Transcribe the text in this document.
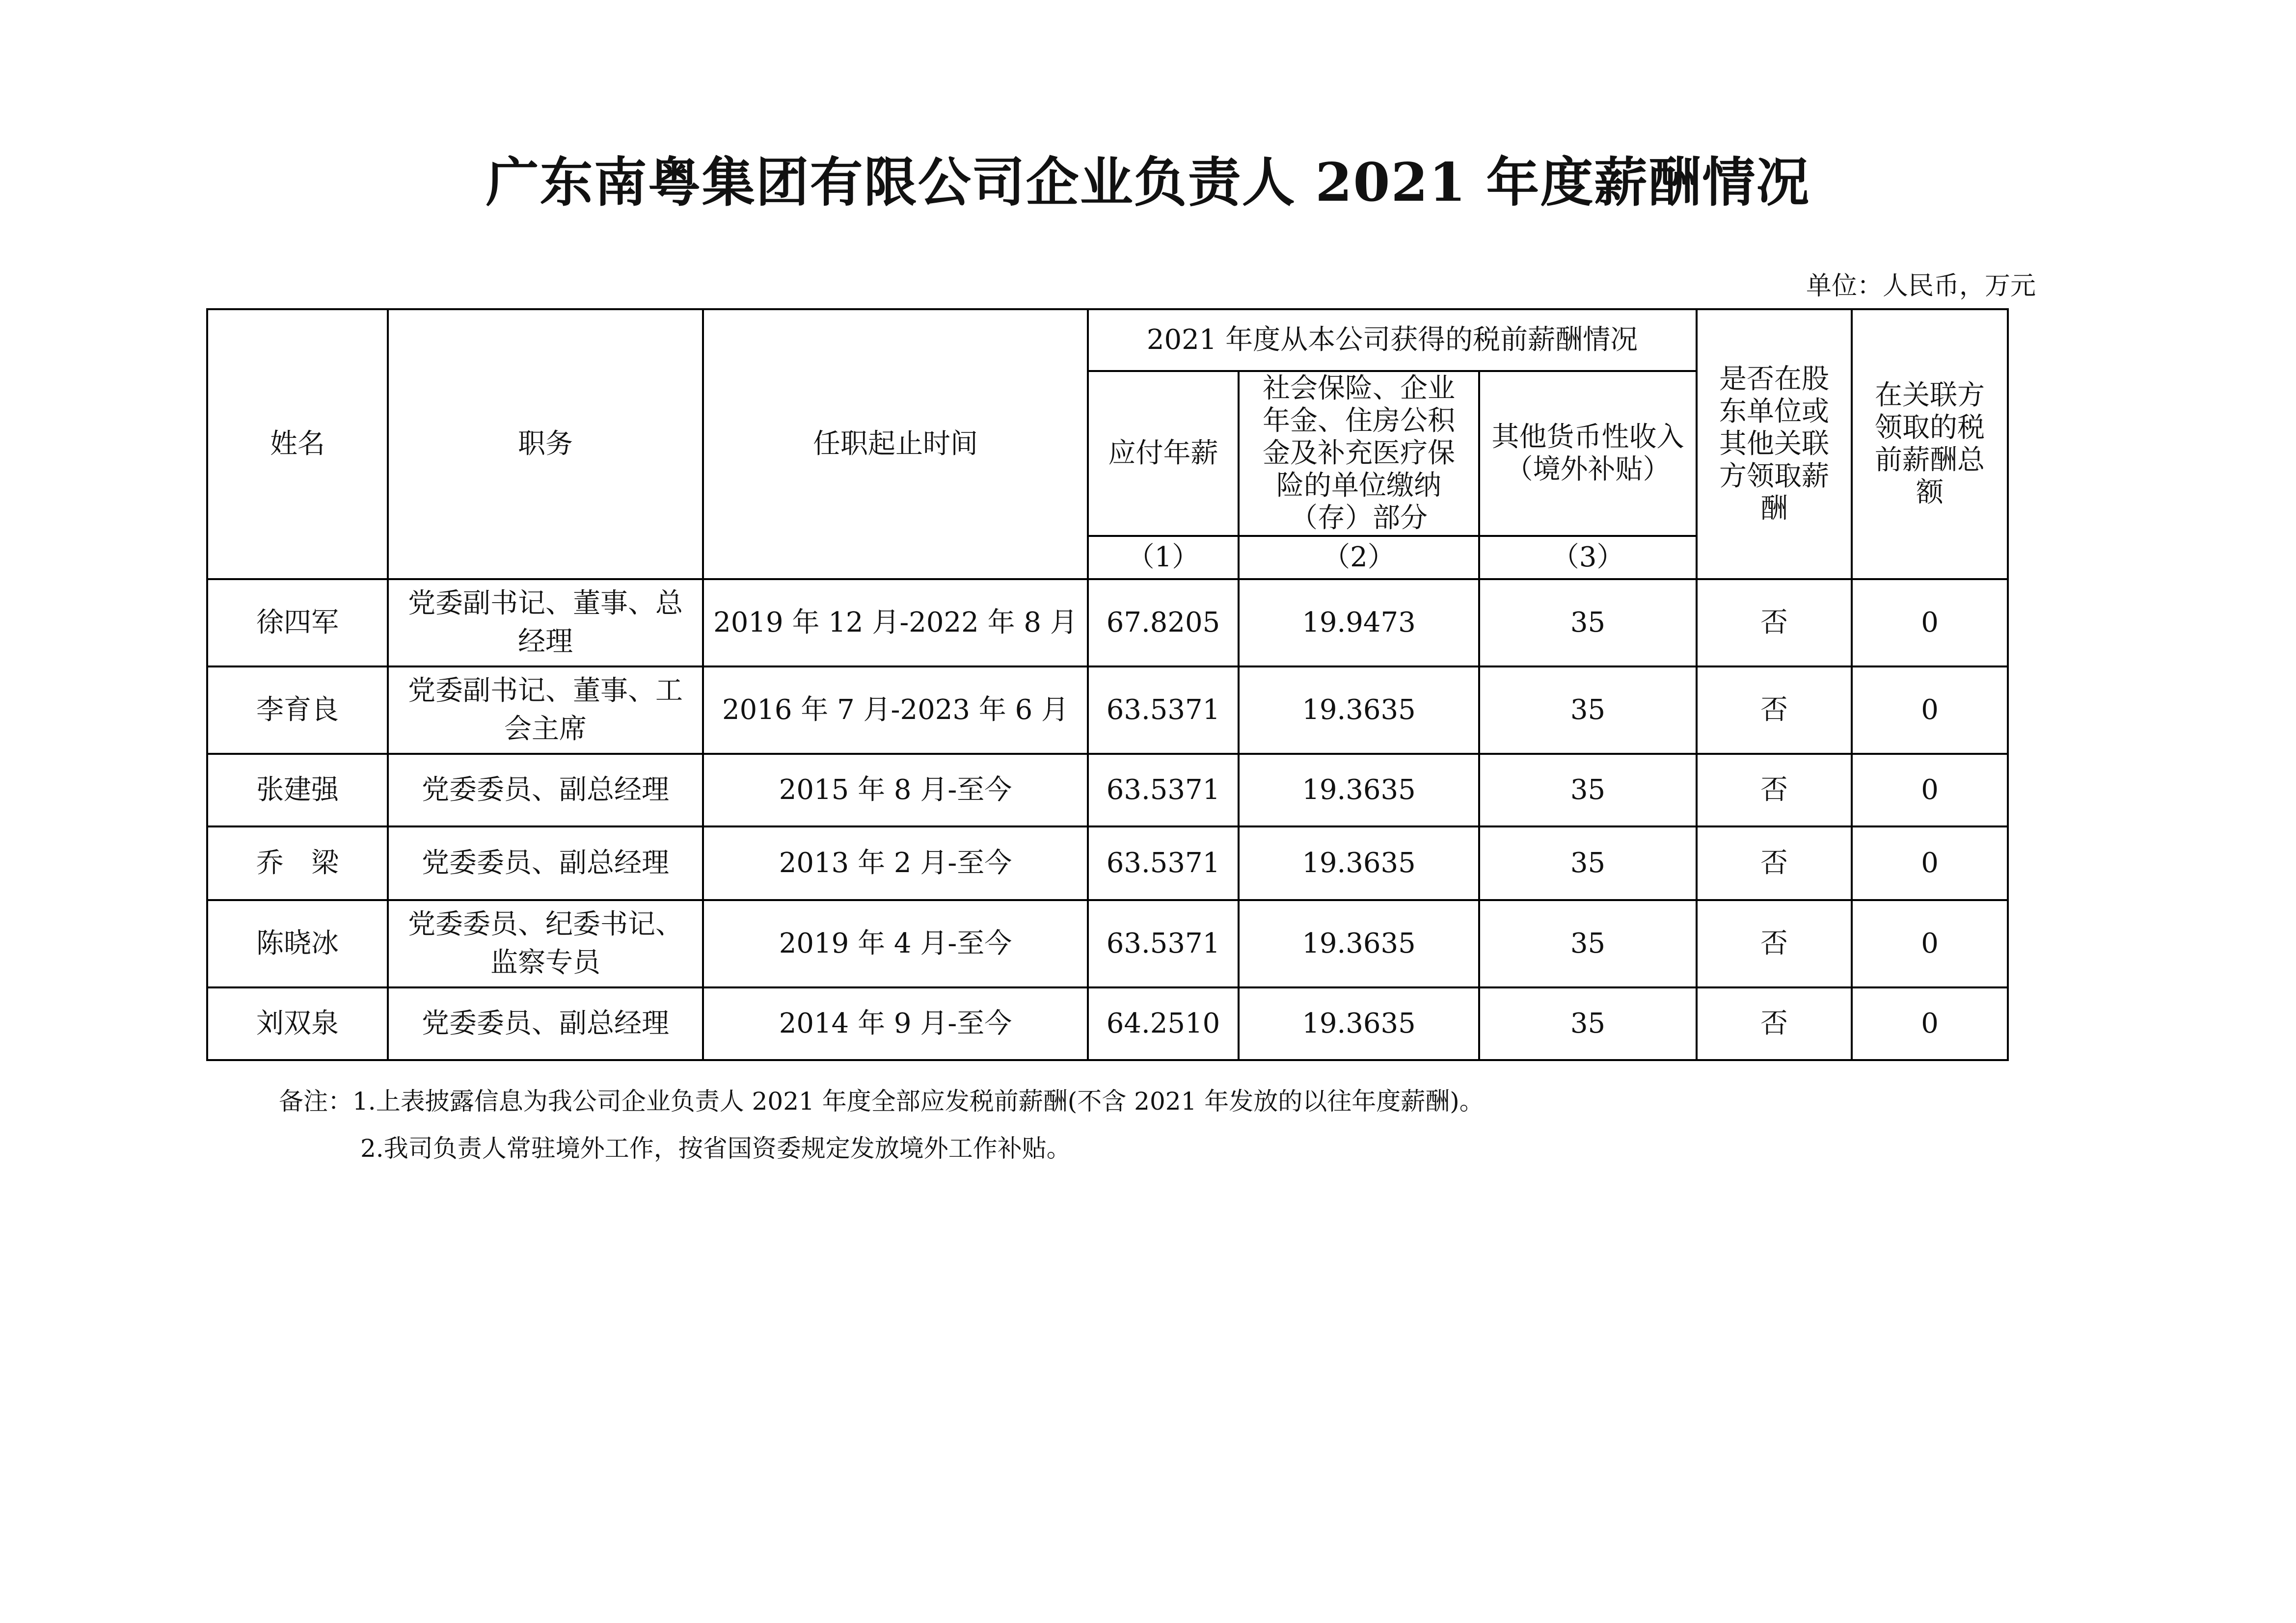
广东南粤集团有限公司企业负责人 2021 年度薪酬情况
单位：人民币，万元
姓名	职务	任职起止时间	2021 年度从本公司获得的税前薪酬情况			是否在股东单位或其他关联方领取薪酬	在关联方领取的税前薪酬总额
			应付年薪	社会保险、企业年金、住房公积金及补充医疗保险的单位缴纳（存）部分	其他货币性收入（境外补贴）		
			（1）	（2）	（3）		
徐四军	党委副书记、董事、总经理	2019 年 12 月-2022 年 8 月	67.8205	19.9473	35	否	0
李育良	党委副书记、董事、工会主席	2016 年 7 月-2023 年 6 月	63.5371	19.3635	35	否	0
张建强	党委委员、副总经理	2015 年 8 月-至今	63.5371	19.3635	35	否	0
乔　梁	党委委员、副总经理	2013 年 2 月-至今	63.5371	19.3635	35	否	0
陈晓冰	党委委员、纪委书记、监察专员	2019 年 4 月-至今	63.5371	19.3635	35	否	0
刘双泉	党委委员、副总经理	2014 年 9 月-至今	64.2510	19.3635	35	否	0
备注：1.上表披露信息为我公司企业负责人 2021 年度全部应发税前薪酬(不含 2021 年发放的以往年度薪酬)。
2.我司负责人常驻境外工作，按省国资委规定发放境外工作补贴。
